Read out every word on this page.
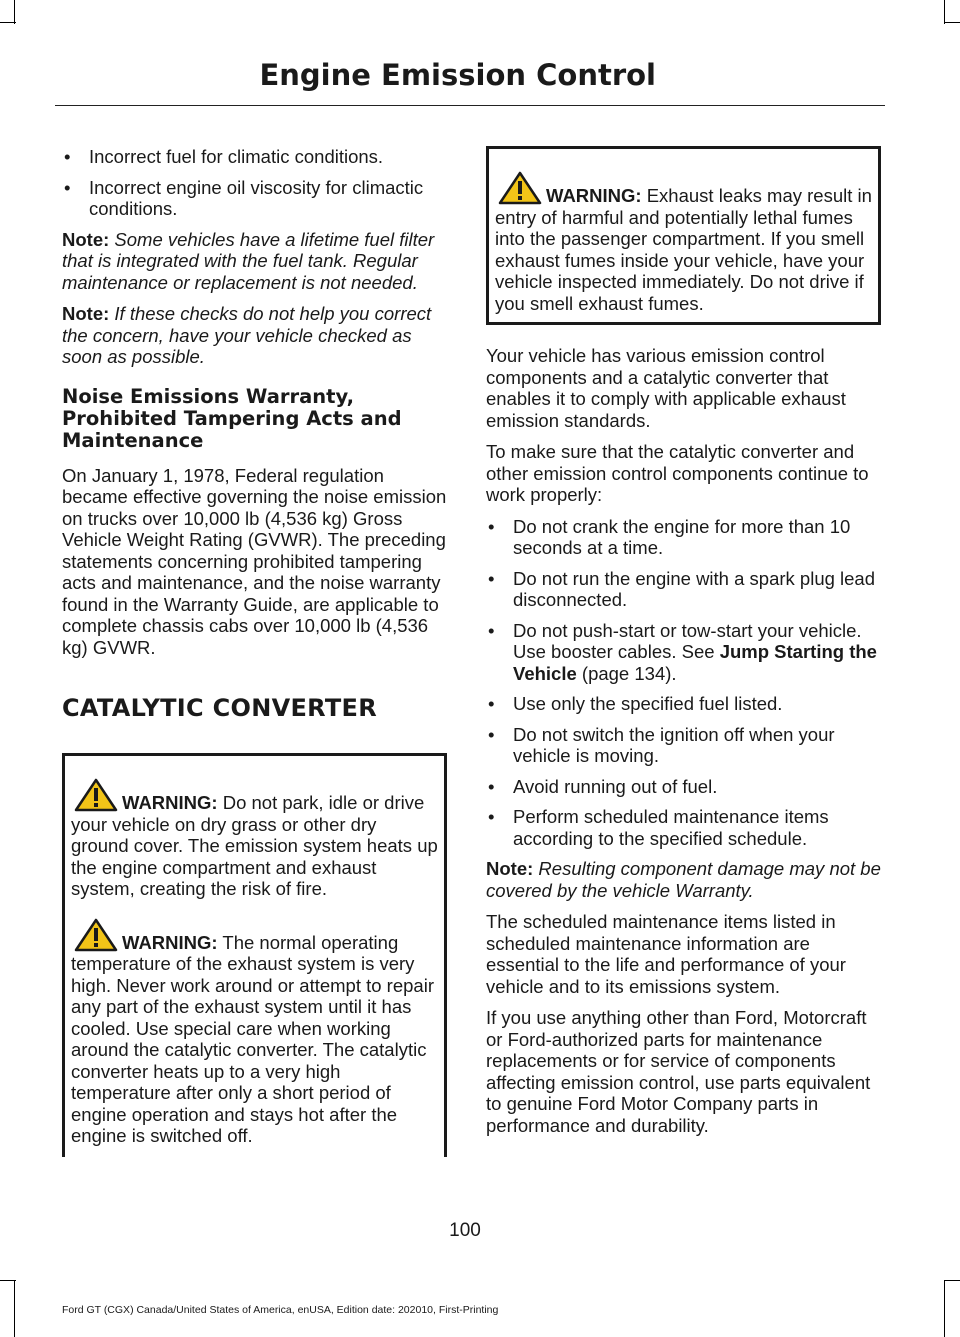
Engine Emission Control
• Incorrect fuel for climatic conditions.
• Incorrect engine oil viscosity for climactic conditions.

Note: Some vehicles have a lifetime fuel filter that is integrated with the fuel tank. Regular maintenance or replacement is not needed.

Note: If these checks do not help you correct the concern, have your vehicle checked as soon as possible.

Noise Emissions Warranty, Prohibited Tampering Acts and Maintenance

On January 1, 1978, Federal regulation became effective governing the noise emission on trucks over 10,000 lb (4,536 kg) Gross Vehicle Weight Rating (GVWR). The preceding statements concerning prohibited tampering acts and maintenance, and the noise warranty found in the Warranty Guide, are applicable to complete chassis cabs over 10,000 lb (4,536 kg) GVWR.

CATALYTIC CONVERTER

WARNING: Do not park, idle or drive your vehicle on dry grass or other dry ground cover. The emission system heats up the engine compartment and exhaust system, creating the risk of fire.

WARNING: The normal operating temperature of the exhaust system is very high. Never work around or attempt to repair any part of the exhaust system until it has cooled. Use special care when working around the catalytic converter. The catalytic converter heats up to a very high temperature after only a short period of engine operation and stays hot after the engine is switched off.

WARNING: Exhaust leaks may result in entry of harmful and potentially lethal fumes into the passenger compartment. If you smell exhaust fumes inside your vehicle, have your vehicle inspected immediately. Do not drive if you smell exhaust fumes.

Your vehicle has various emission control components and a catalytic converter that enables it to comply with applicable exhaust emission standards.

To make sure that the catalytic converter and other emission control components continue to work properly:

• Do not crank the engine for more than 10 seconds at a time.
• Do not run the engine with a spark plug lead disconnected.
• Do not push-start or tow-start your vehicle. Use booster cables. See Jump Starting the Vehicle (page 134).
• Use only the specified fuel listed.
• Do not switch the ignition off when your vehicle is moving.
• Avoid running out of fuel.
• Perform scheduled maintenance items according to the specified schedule.

Note: Resulting component damage may not be covered by the vehicle Warranty.

The scheduled maintenance items listed in scheduled maintenance information are essential to the life and performance of your vehicle and to its emissions system.

If you use anything other than Ford, Motorcraft or Ford-authorized parts for maintenance replacements or for service of components affecting emission control, use parts equivalent to genuine Ford Motor Company parts in performance and durability.

100
Ford GT (CGX) Canada/United States of America, enUSA, Edition date: 202010, First-Printing
